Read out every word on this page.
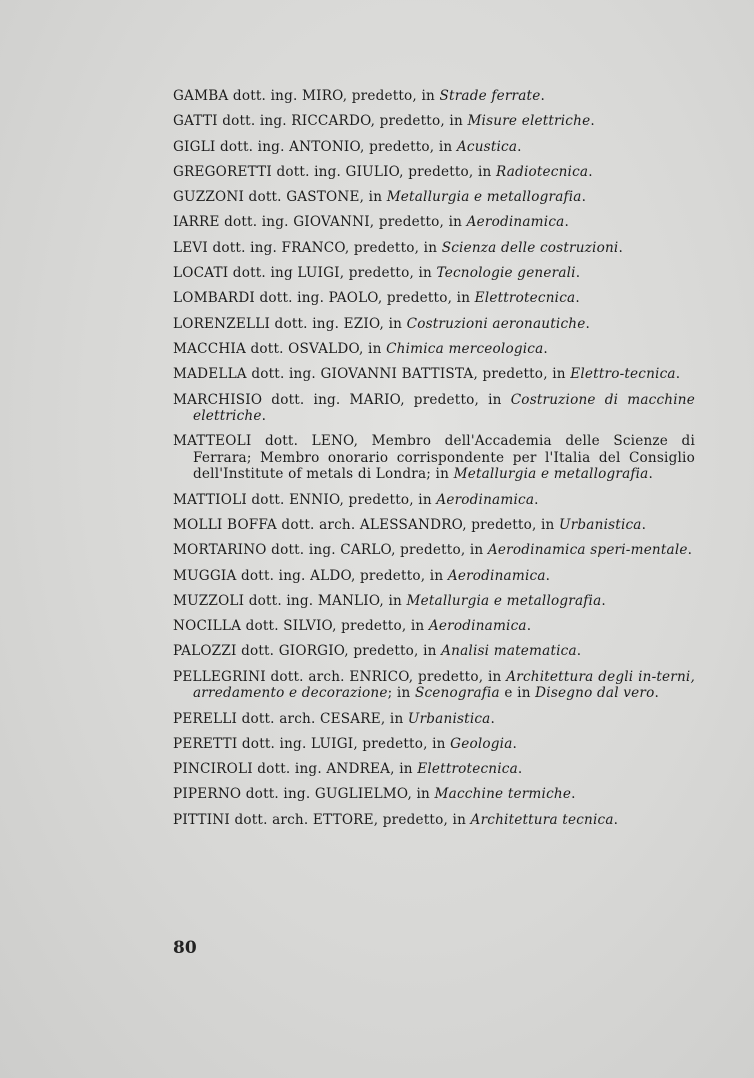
GAMBA dott. ing. MIRO, predetto, in Strade ferrate.
GATTI dott. ing. RICCARDO, predetto, in Misure elettriche.
GIGLI dott. ing. ANTONIO, predetto, in Acustica.
GREGORETTI dott. ing. GIULIO, predetto, in Radiotecnica.
GUZZONI dott. GASTONE, in Metallurgia e metallografia.
IARRE dott. ing. GIOVANNI, predetto, in Aerodinamica.
LEVI dott. ing. FRANCO, predetto, in Scienza delle costruzioni.
LOCATI dott. ing LUIGI, predetto, in Tecnologie generali.
LOMBARDI dott. ing. PAOLO, predetto, in Elettrotecnica.
LORENZELLI dott. ing. EZIO, in Costruzioni aeronautiche.
MACCHIA dott. OSVALDO, in Chimica merceologica.
MADELLA dott. ing. GIOVANNI BATTISTA, predetto, in Elettro-tecnica.
MARCHISIO dott. ing. MARIO, predetto, in Costruzione di macchine elettriche.
MATTEOLI dott. LENO, Membro dell'Accademia delle Scienze di Ferrara; Membro onorario corrispondente per l'Italia del Consiglio dell'Institute of metals di Londra; in Metallurgia e metallografia.
MATTIOLI dott. ENNIO, predetto, in Aerodinamica.
MOLLI BOFFA dott. arch. ALESSANDRO, predetto, in Urbanistica.
MORTARINO dott. ing. CARLO, predetto, in Aerodinamica speri-mentale.
MUGGIA dott. ing. ALDO, predetto, in Aerodinamica.
MUZZOLI dott. ing. MANLIO, in Metallurgia e metallografia.
NOCILLA dott. SILVIO, predetto, in Aerodinamica.
PALOZZI dott. GIORGIO, predetto, in Analisi matematica.
PELLEGRINI dott. arch. ENRICO, predetto, in Architettura degli in-terni, arredamento e decorazione; in Scenografia e in Disegno dal vero.
PERELLI dott. arch. CESARE, in Urbanistica.
PERETTI dott. ing. LUIGI, predetto, in Geologia.
PINCIROLI dott. ing. ANDREA, in Elettrotecnica.
PIPERNO dott. ing. GUGLIELMO, in Macchine termiche.
PITTINI dott. arch. ETTORE, predetto, in Architettura tecnica.
80
